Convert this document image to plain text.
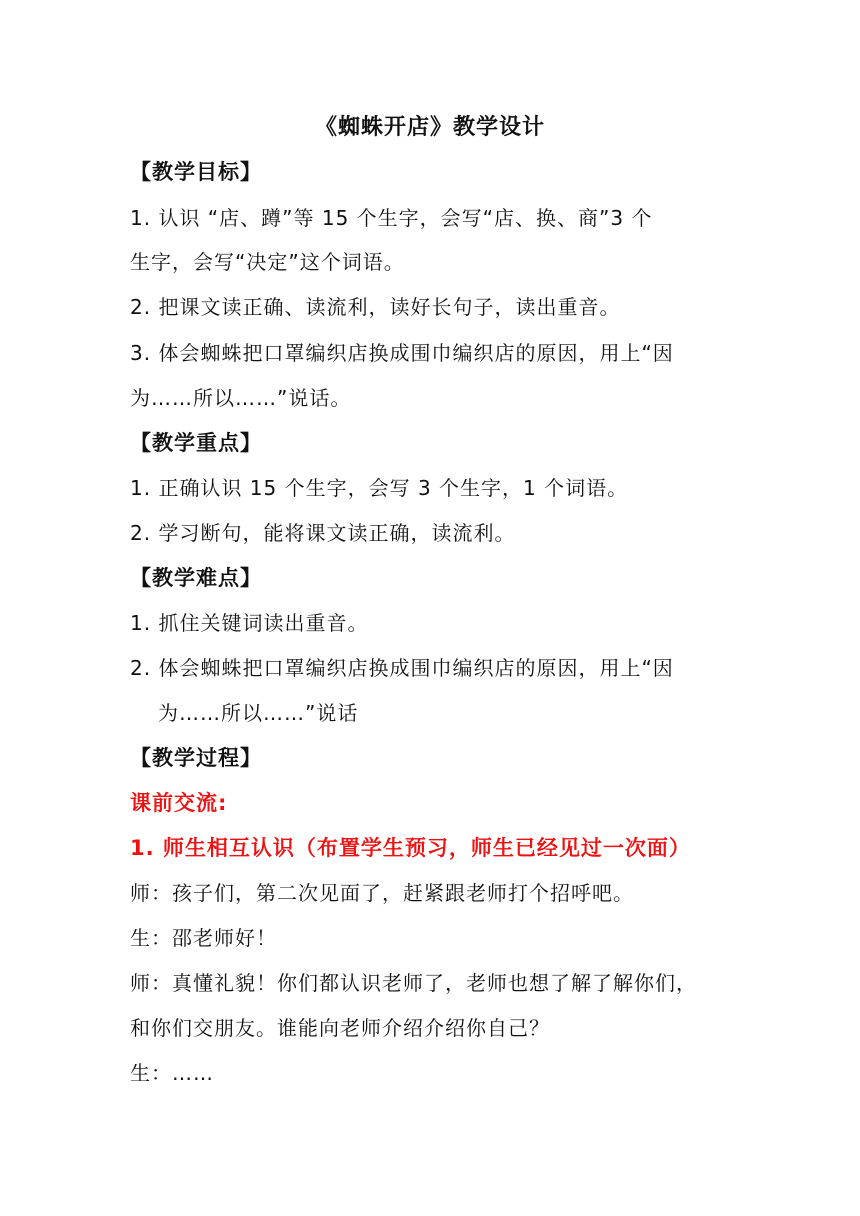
《蜘蛛开店》教学设计
【教学目标】
1. 认识 “店、蹲”等 15 个生字，会写“店、换、商”3 个
生字，会写“决定”这个词语。
2. 把课文读正确、读流利，读好长句子，读出重音。
3. 体会蜘蛛把口罩编织店换成围巾编织店的原因，用上“因
为……所以……”说话。
【教学重点】
1. 正确认识 15 个生字，会写 3 个生字，1 个词语。
2. 学习断句，能将课文读正确，读流利。
【教学难点】
1. 抓住关键词读出重音。
2. 体会蜘蛛把口罩编织店换成围巾编织店的原因，用上“因
为……所以……”说话
【教学过程】
课前交流:
1. 师生相互认识（布置学生预习，师生已经见过一次面）
师：孩子们，第二次见面了，赶紧跟老师打个招呼吧。
生：邵老师好！
师：真懂礼貌！你们都认识老师了，老师也想了解了解你们，
和你们交朋友。谁能向老师介绍介绍你自己？
生：……
